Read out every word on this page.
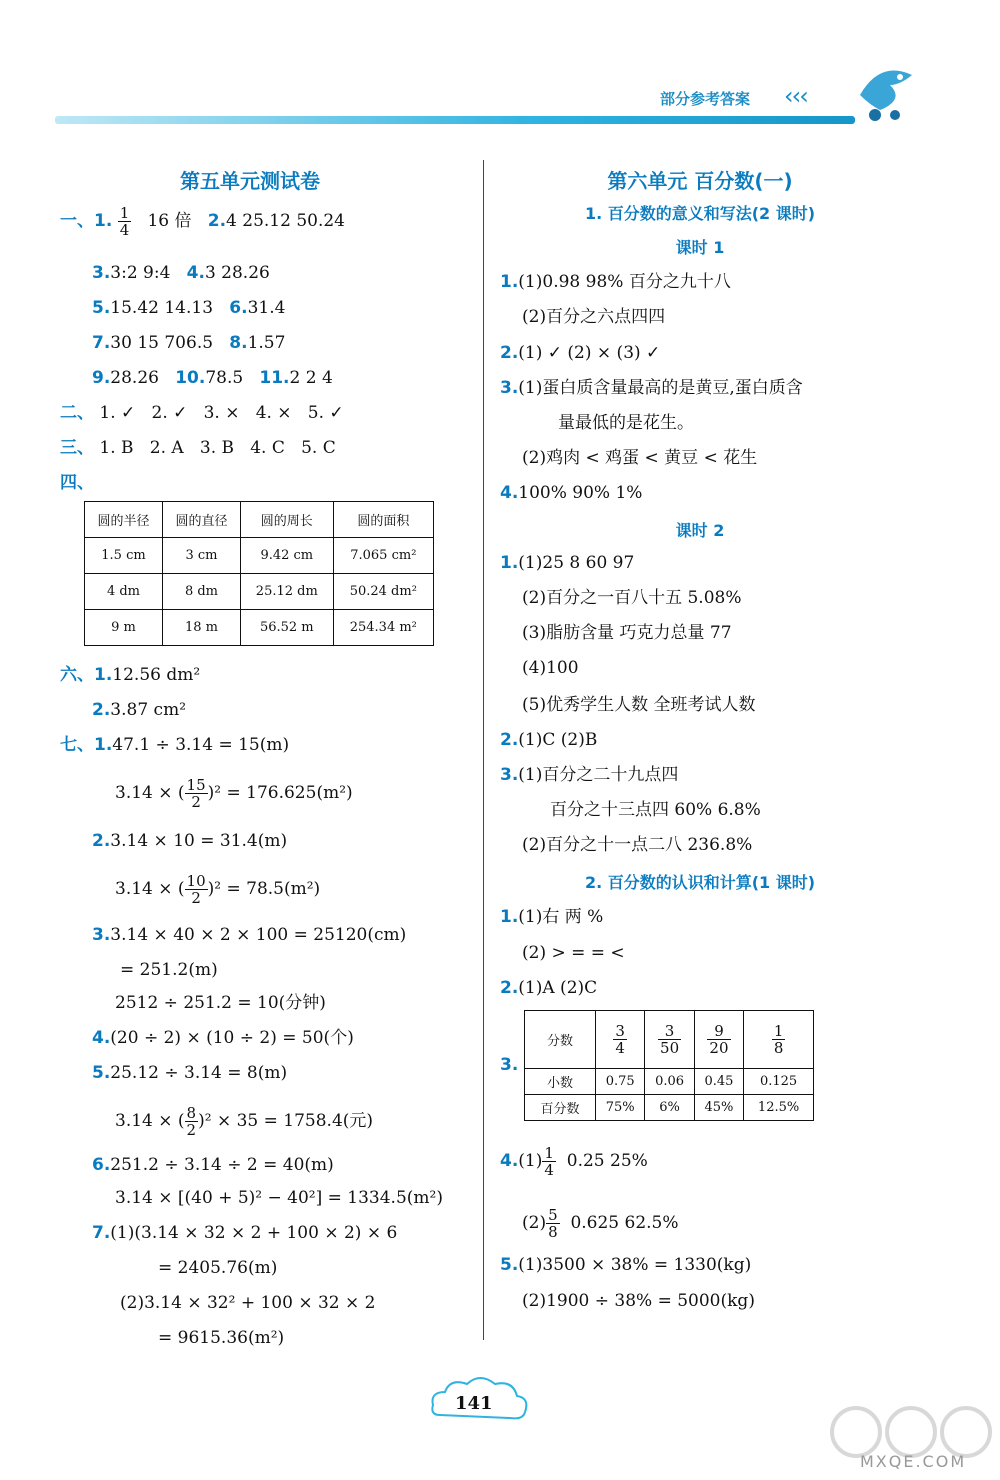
部分参考答案 ‹‹‹
第五单元测试卷
一、1. $\frac{1}{4} 16$ 倍 2.4 25.12 50.24
3.3:2 9:4 4.3 28.26
5.15.42 14.13 6.31.4
7.30 15 706.5 8.1.57
9.28.26 10.78.5 11.2 2 4
二、 1. ✓ 2. ✓ 3. × 4. × 5. ✓
三、 1. B 2. A 3. B 4. C 5. C
四、
圆的半径	圆的直径	圆的周长	圆的面积
1.5 cm	3 cm	9.42 cm	7.065 cm²
4 dm	8 dm	25.12 dm	50.24 dm²
9 m	18 m	56.52 m	254.34 m²
六、1.12.56 dm²
2.3.87 cm²
七、1.47.1 ÷ 3.14 = 15(m)
3.14 × ( $\frac{15}{2} )^2 = 176.625(m^2)$
2.3.14 × 10 = 31.4(m)
3.14 × ( $\frac{10}{2} )^2 = 78.5(m^2)$
3.3.14 × 40 × 2 × 100 = 25120(cm)
= 251.2(m)
2512 ÷ 251.2 = 10(分钟)
4.(20 ÷ 2) × (10 ÷ 2) = 50(个)
5.25.12 ÷ 3.14 = 8(m)
3.14 × ( $\frac{8}{2} )^2 \times 35 = 1758.4$(元)
6.251.2 ÷ 3.14 ÷ 2 = 40(m)
3.14 × [(40 + 5)² − 40²] = 1334.5(m²)
7.(1)(3.14 × 32 × 2 + 100 × 2) × 6
= 2405.76(m)
(2)3.14 × 32² + 100 × 32 × 2
= 9615.36(m²)
第六单元 百分数(一)
1. 百分数的意义和写法(2 课时)
课时 1
1.(1)0.98 98% 百分之九十八
(2)百分之六点四四
2.(1) ✓ (2) × (3) ✓
3.(1)蛋白质含量最高的是黄豆,蛋白质含
量最低的是花生。
(2)鸡肉 < 鸡蛋 < 黄豆 < 花生
4.100% 90% 1%
课时 2
1.(1)25 8 60 97
(2)百分之一百八十五 5.08%
(3)脂肪含量 巧克力总量 77
(4)100
(5)优秀学生人数 全班考试人数
2.(1)C (2)B
3.(1)百分之二十九点四
百分之十三点四 60% 6.8%
(2)百分之十一点二八 236.8%
2. 百分数的认识和计算(1 课时)
1.(1)右 两 %
(2) > = = <
2.(1)A (2)C
3.
分数	$\frac{3}{4}$	$\frac{3}{50}$	$\frac{9}{20}$	$\frac{1}{8}$

小数	0.75	0.06	0.45	0.125
百分数	75%	6%	45%	12.5%
$4.(1) \frac{1}{4} 0.25$ 25%
$(2) \frac{5}{8} 0.625$ 62.5%
5.(1)3500 × 38% = 1330(kg)
(2)1900 ÷ 38% = 5000(kg)
141
MXQE.COM
